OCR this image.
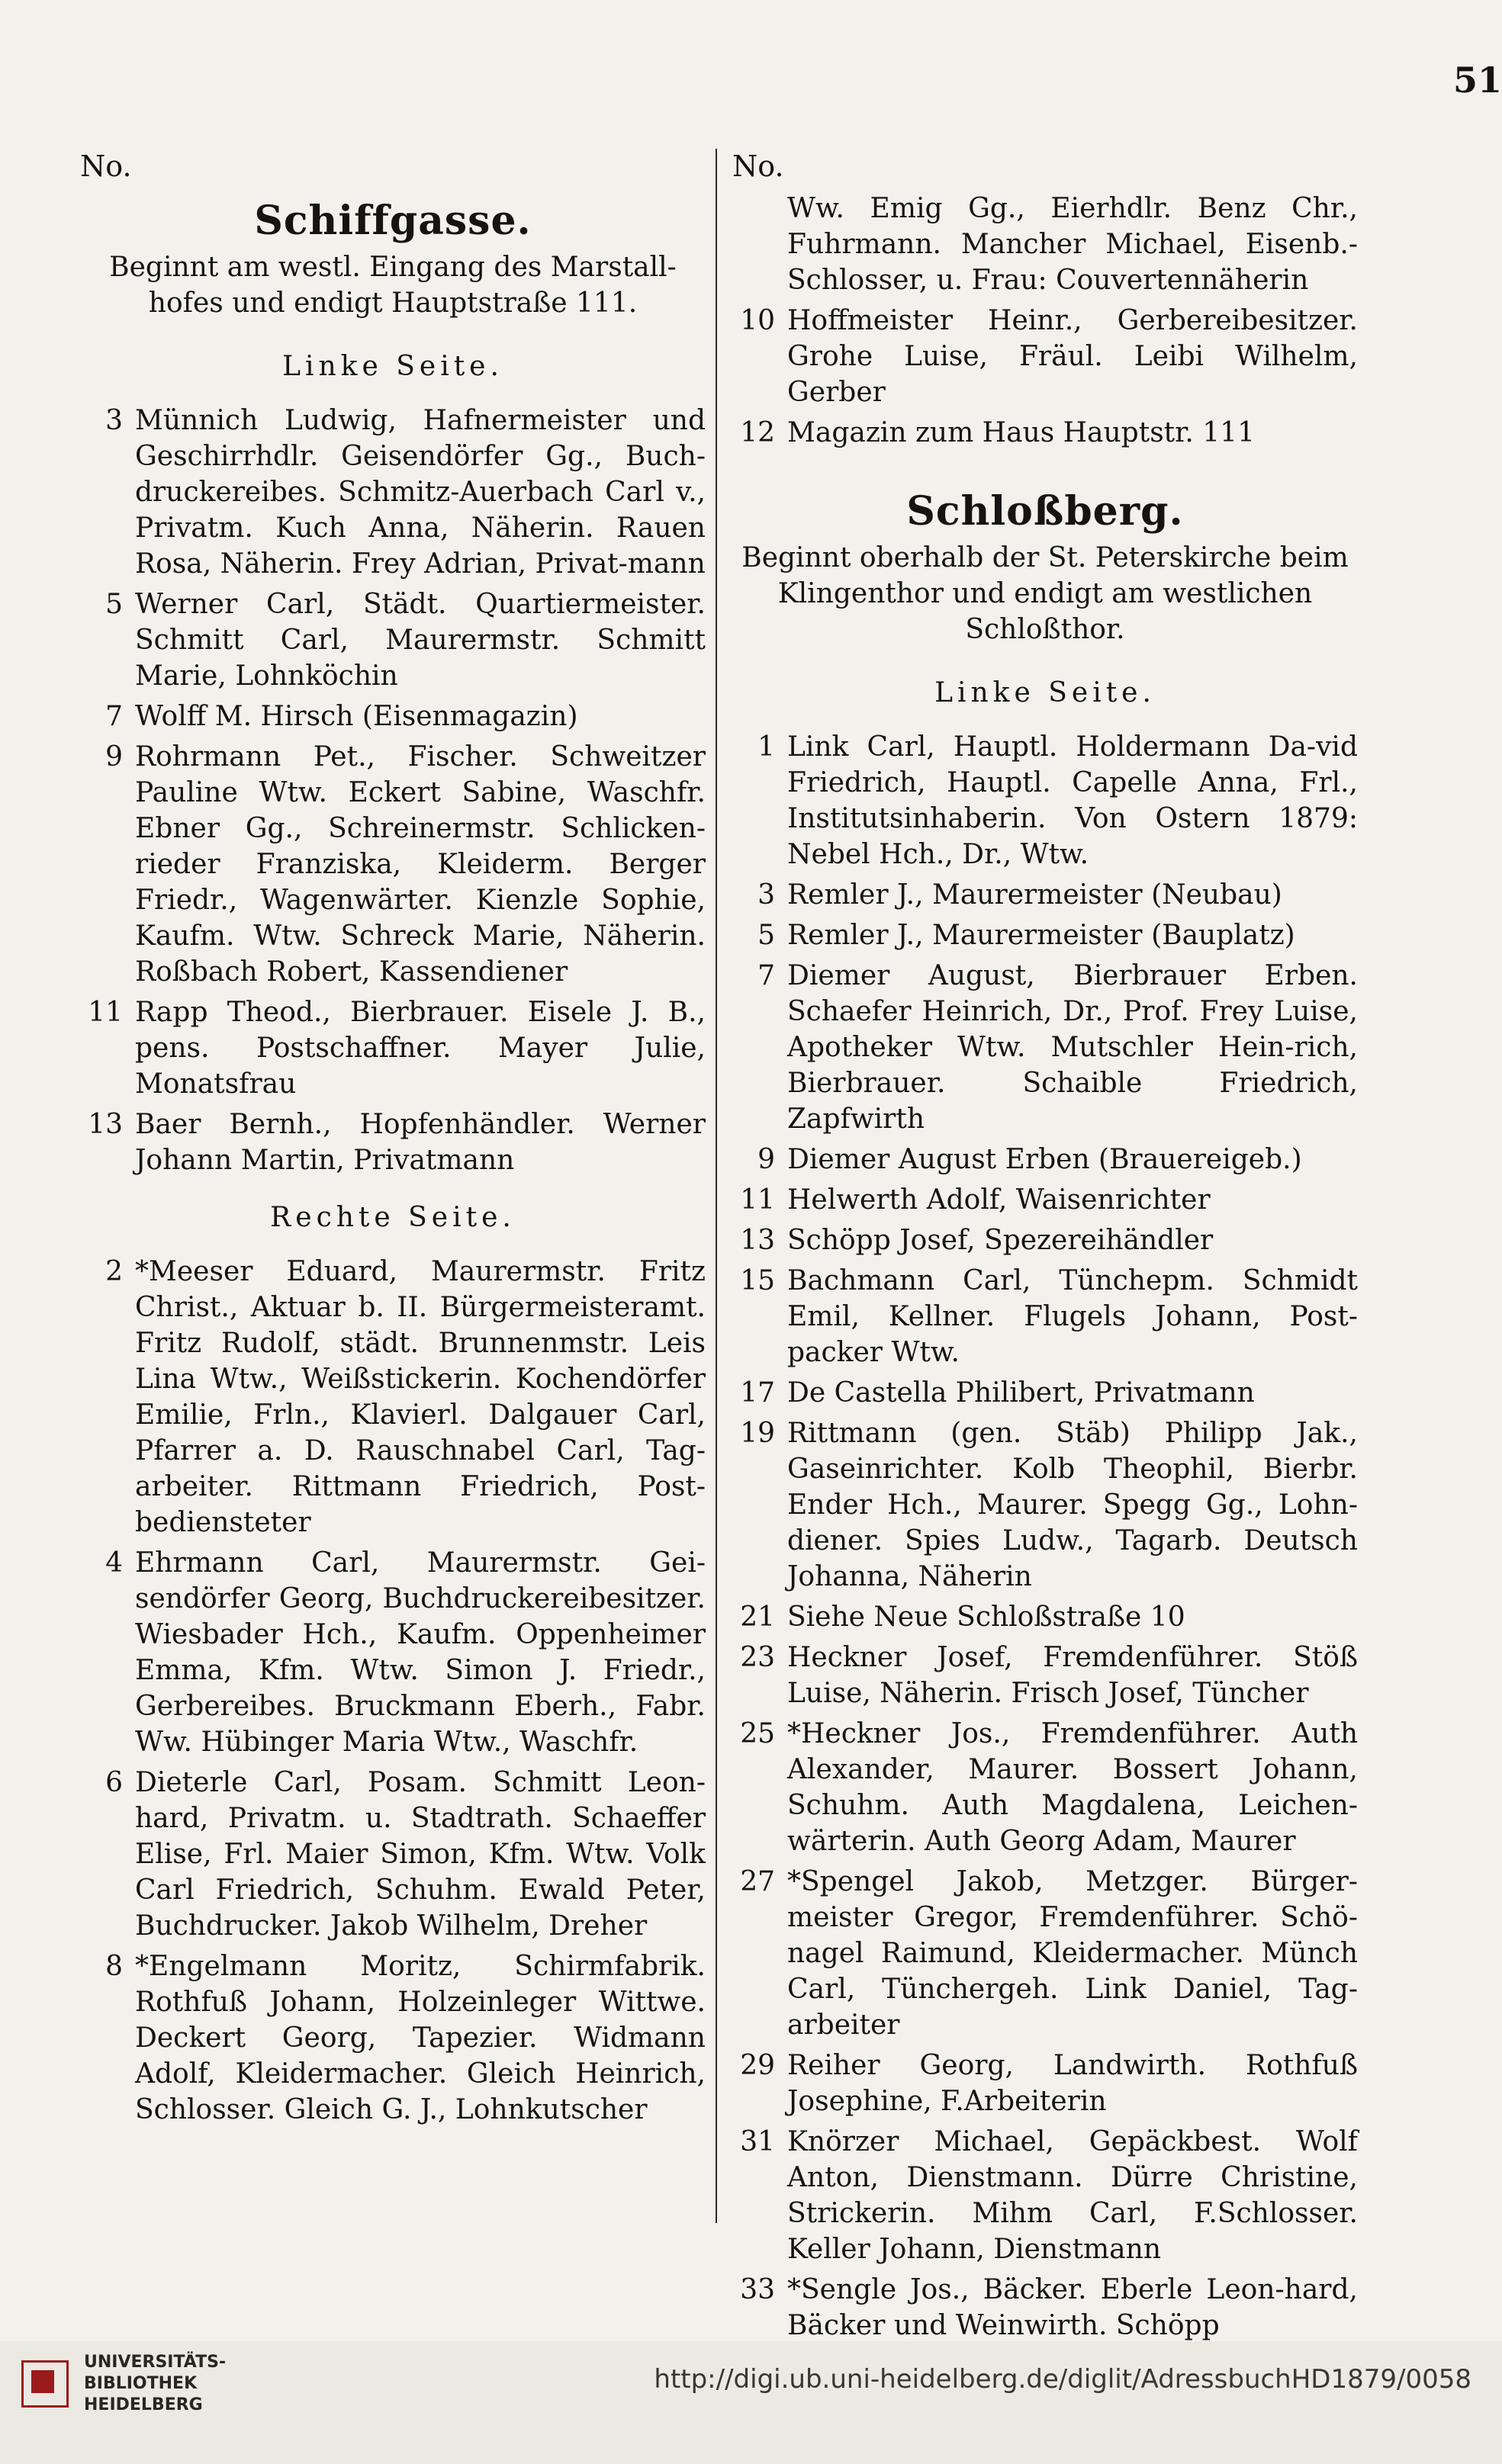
51
No.
Schiffgasse.
Beginnt am westl. Eingang des Marstall-hofes und endigt Hauptstraße 111.
Linke Seite.
3 Münnich Ludwig, Hafnermeister und Geschirrhdlr. Geisendörfer Gg., Buch-druckereibes. Schmitz-Auerbach Carl v., Privatm. Kuch Anna, Näherin. Rauen Rosa, Näherin. Frey Adrian, Privat-mann
5 Werner Carl, Städt. Quartiermeister. Schmitt Carl, Maurermstr. Schmitt Marie, Lohnköchin
7 Wolff M. Hirsch (Eisenmagazin)
9 Rohrmann Pet., Fischer. Schweitzer Pauline Wtw. Eckert Sabine, Waschfr. Ebner Gg., Schreinermstr. Schlicken-rieder Franziska, Kleiderm. Berger Friedr., Wagenwärter. Kienzle Sophie, Kaufm. Wtw. Schreck Marie, Näherin. Roßbach Robert, Kassendiener
11 Rapp Theod., Bierbrauer. Eisele J. B., pens. Postschaffner. Mayer Julie, Monatsfrau
13 Baer Bernh., Hopfenhändler. Werner Johann Martin, Privatmann
Rechte Seite.
2 *Meeser Eduard, Maurermstr. Fritz Christ., Aktuar b. II. Bürgermeisteramt. Fritz Rudolf, städt. Brunnenmstr. Leis Lina Wtw., Weißstickerin. Kochendörfer Emilie, Frln., Klavierl. Dalgauer Carl, Pfarrer a. D. Rauschnabel Carl, Tag-arbeiter. Rittmann Friedrich, Post-bediensteter
4 Ehrmann Carl, Maurermstr. Gei-sendörfer Georg, Buchdruckereibesitzer. Wiesbader Hch., Kaufm. Oppenheimer Emma, Kfm. Wtw. Simon J. Friedr., Gerbereibes. Bruckmann Eberh., Fabr. Ww. Hübinger Maria Wtw., Waschfr.
6 Dieterle Carl, Posam. Schmitt Leon-hard, Privatm. u. Stadtrath. Schaeffer Elise, Frl. Maier Simon, Kfm. Wtw. Volk Carl Friedrich, Schuhm. Ewald Peter, Buchdrucker. Jakob Wilhelm, Dreher
8 *Engelmann Moritz, Schirmfabrik. Rothfuß Johann, Holzeinleger Wittwe. Deckert Georg, Tapezier. Widmann Adolf, Kleidermacher. Gleich Heinrich, Schlosser. Gleich G. J., Lohnkutscher
No.
Ww. Emig Gg., Eierhdlr. Benz Chr., Fuhrmann. Mancher Michael, Eisenb.-Schlosser, u. Frau: Couvertennäherin
10 Hoffmeister Heinr., Gerbereibesitzer. Grohe Luise, Fräul. Leibi Wilhelm, Gerber
12 Magazin zum Haus Hauptstr. 111
Schloßberg.
Beginnt oberhalb der St. Peterskirche beim Klingenthor und endigt am westlichen Schloßthor.
Linke Seite.
1 Link Carl, Hauptl. Holdermann Da-vid Friedrich, Hauptl. Capelle Anna, Frl., Institutsinhaberin. Von Ostern 1879: Nebel Hch., Dr., Wtw.
3 Remler J., Maurermeister (Neubau)
5 Remler J., Maurermeister (Bauplatz)
7 Diemer August, Bierbrauer Erben. Schaefer Heinrich, Dr., Prof. Frey Luise, Apotheker Wtw. Mutschler Hein-rich, Bierbrauer. Schaible Friedrich, Zapfwirth
9 Diemer August Erben (Brauereigeb.)
11 Helwerth Adolf, Waisenrichter
13 Schöpp Josef, Spezereihändler
15 Bachmann Carl, Tünchерm. Schmidt Emil, Kellner. Flugels Johann, Post-packer Wtw.
17 De Castella Philibert, Privatmann
19 Rittmann (gen. Stäb) Philipp Jak., Gaseinrichter. Kolb Theophil, Bierbr. Ender Hch., Maurer. Spegg Gg., Lohn-diener. Spies Ludw., Tagarb. Deutsch Johanna, Näherin
21 Siehe Neue Schloßstraße 10
23 Heckner Josef, Fremdenführer. Stöß Luise, Näherin. Frisch Josef, Tüncher
25 *Heckner Jos., Fremdenführer. Auth Alexander, Maurer. Bossert Johann, Schuhm. Auth Magdalena, Leichen-wärterin. Auth Georg Adam, Maurer
27 *Spengel Jakob, Metzger. Bürger-meister Gregor, Fremdenführer. Schö-nagel Raimund, Kleidermacher. Münch Carl, Tünchergeh. Link Daniel, Tag-arbeiter
29 Reiher Georg, Landwirth. Rothfuß Josephine, F.Arbeiterin
31 Knörzer Michael, Gepäckbest. Wolf Anton, Dienstmann. Dürre Christine, Strickerin. Mihm Carl, F.Schlosser. Keller Johann, Dienstmann
33 *Sengle Jos., Bäcker. Eberle Leon-hard, Bäcker und Weinwirth. Schöpp
UNIVERSITÄTS-
BIBLIOTHEK
HEIDELBERG
http://digi.ub.uni-heidelberg.de/diglit/AdressbuchHD1879/0058
